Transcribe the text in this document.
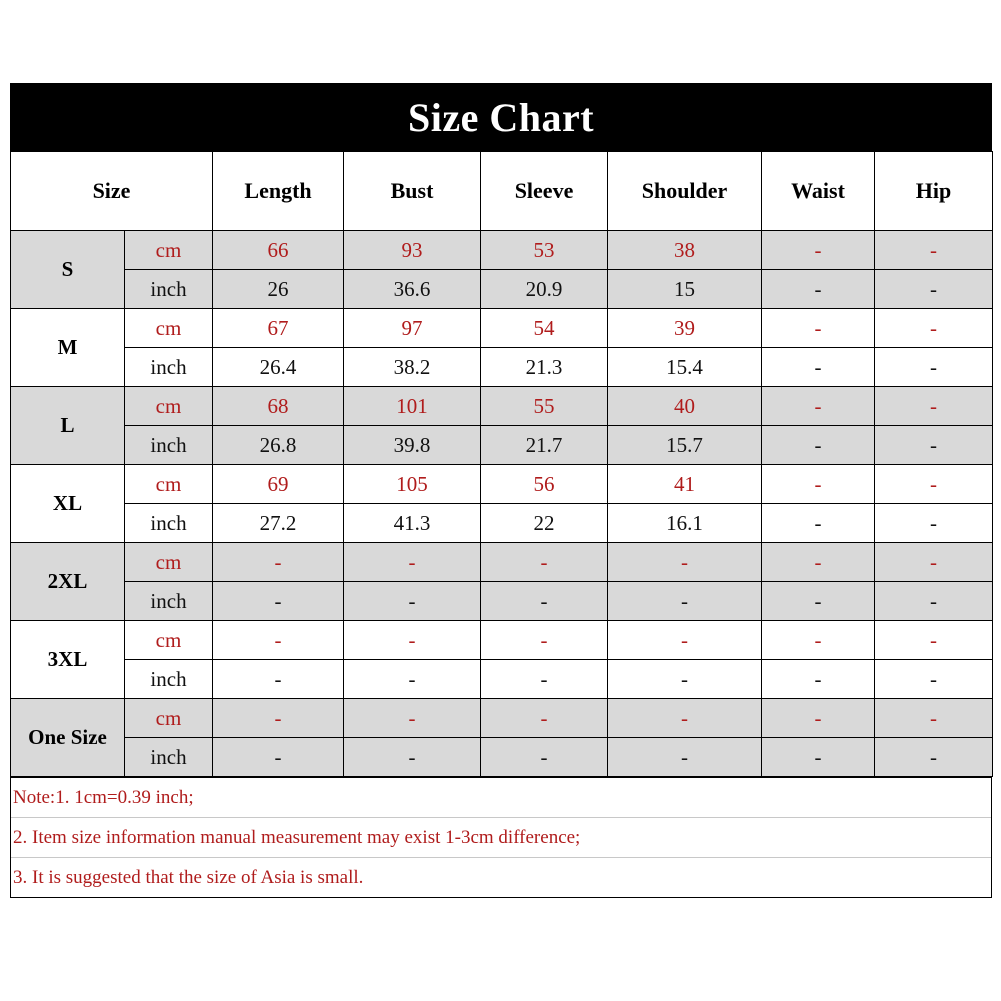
Size Chart
Size		Length	Bust	Sleeve	Shoulder	Waist	Hip
S	cm	66	93	53	38	-	-
	inch	26	36.6	20.9	15	-	-
M	cm	67	97	54	39	-	-
	inch	26.4	38.2	21.3	15.4	-	-
L	cm	68	101	55	40	-	-
	inch	26.8	39.8	21.7	15.7	-	-
XL	cm	69	105	56	41	-	-
	inch	27.2	41.3	22	16.1	-	-
2XL	cm	-	-	-	-	-	-
	inch	-	-	-	-	-	-
3XL	cm	-	-	-	-	-	-
	inch	-	-	-	-	-	-
One Size	cm	-	-	-	-	-	-
	inch	-	-	-	-	-	-
Note:1. 1cm=0.39 inch;
2. Item size information manual measurement may exist 1-3cm difference;
3. It is suggested that the size of Asia is small.
